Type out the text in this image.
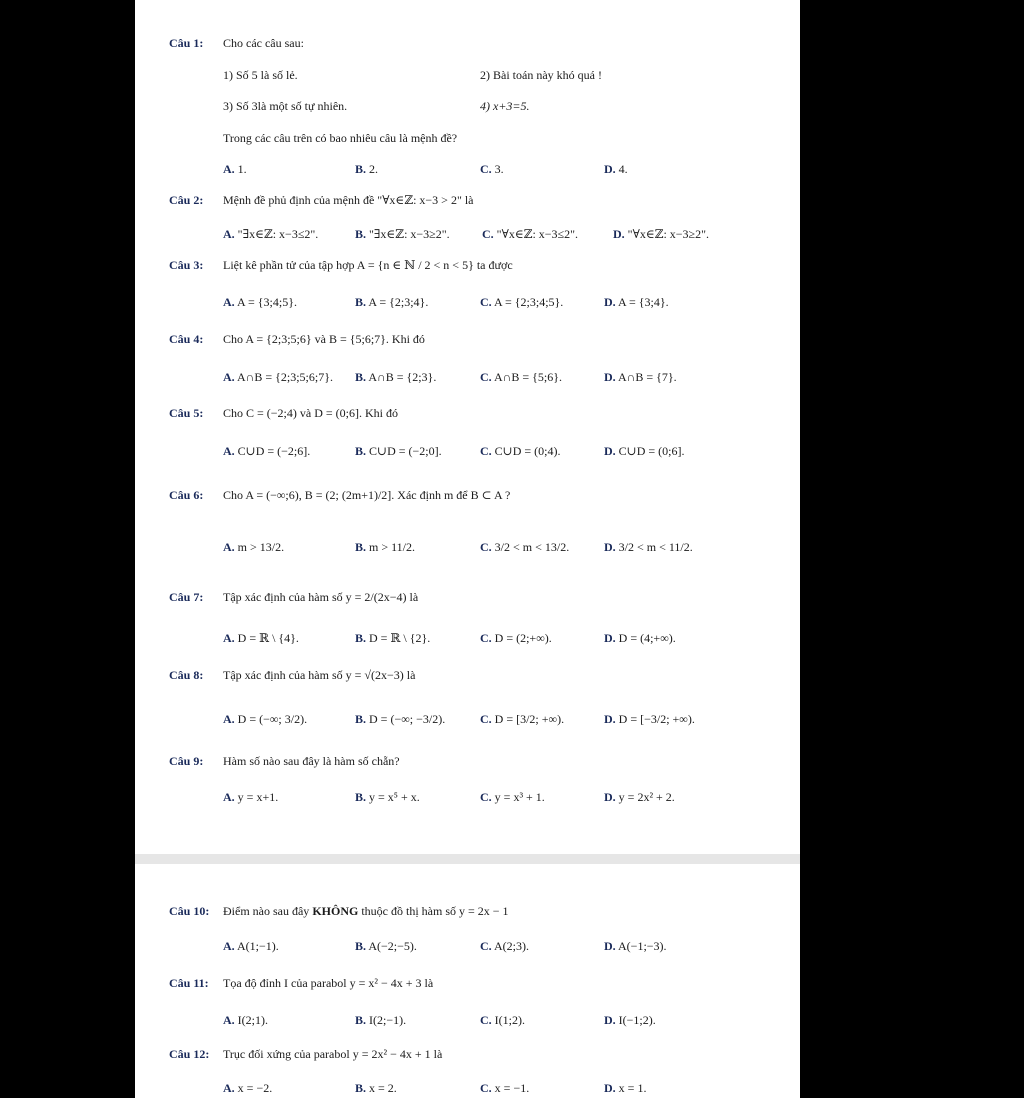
Câu 1: Cho các câu sau:
1) Số 5 là số lẻ.	2) Bài toán này khó quá !
3) Số 3là một số tự nhiên.	4) x+3=5.
Trong các câu trên có bao nhiêu câu là mệnh đề?
A. 1.	B. 2.	C. 3.	D. 4.
Câu 2: Mệnh đề phủ định của mệnh đề "∀x∈ℤ: x−3 > 2" là
A. "∃x∈ℤ: x−3≤2".	B. "∃x∈ℤ: x−3≥2".	C. "∀x∈ℤ: x−3≤2".	D. "∀x∈ℤ: x−3≥2".
Câu 3: Liệt kê phần tử của tập hợp A = {n ∈ ℕ / 2 < n < 5} ta được
A. A = {3;4;5}.	B. A = {2;3;4}.	C. A = {2;3;4;5}.	D. A = {3;4}.
Câu 4: Cho A = {2;3;5;6} và B = {5;6;7}. Khi đó
A. A∩B = {2;3;5;6;7}. B. A∩B = {2;3}.	C. A∩B = {5;6}.	D. A∩B = {7}.
Câu 5: Cho C = (−2;4) và D = (0;6]. Khi đó
A. C∪D = (−2;6].	B. C∪D = (−2;0].	C. C∪D = (0;4).	D. C∪D = (0;6].
Câu 6: Cho A = (−∞;6), B = (2; (2m+1)/2]. Xác định m để B ⊂ A ?
A. m > 13/2.	B. m > 11/2.	C. 3/2 < m < 13/2.	D. 3/2 < m < 11/2.
Câu 7: Tập xác định của hàm số y = 2/(2x−4) là
A. D = ℝ \ {4}.	B. D = ℝ \ {2}.	C. D = (2;+∞).	D. D = (4;+∞).
Câu 8: Tập xác định của hàm số y = √(2x−3) là
A. D = (−∞; 3/2).	B. D = (−∞; −3/2).	C. D = [3/2; +∞).	D. D = [−3/2; +∞).
Câu 9: Hàm số nào sau đây là hàm số chẵn?
A. y = x+1.	B. y = x⁵ + x.	C. y = x³ + 1.	D. y = 2x² + 2.
Câu 10: Điểm nào sau đây KHÔNG thuộc đồ thị hàm số y = 2x − 1
A. A(1;−1).	B. A(−2;−5).	C. A(2;3).	D. A(−1;−3).
Câu 11: Tọa độ đỉnh I của parabol y = x² − 4x + 3 là
A. I(2;1).	B. I(2;−1).	C. I(1;2).	D. I(−1;2).
Câu 12: Trục đối xứng của parabol y = 2x² − 4x + 1 là
A. x = −2.	B. x = 2.	C. x = −1.	D. x = 1.
